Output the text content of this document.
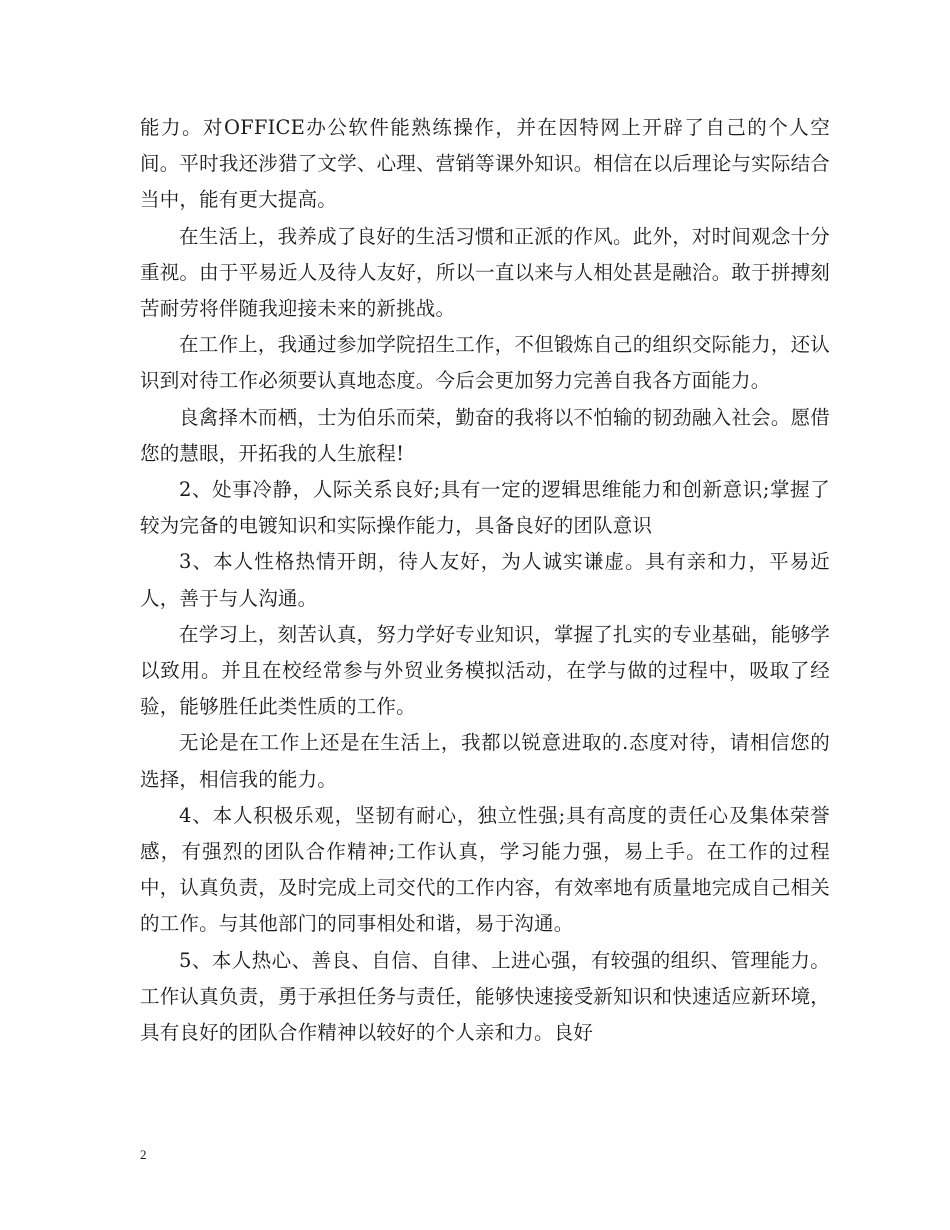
能力。对OFFICE办公软件能熟练操作，并在因特网上开辟了自己的个人空间。平时我还涉猎了文学、心理、营销等课外知识。相信在以后理论与实际结合当中，能有更大提高。

在生活上，我养成了良好的生活习惯和正派的作风。此外，对时间观念十分重视。由于平易近人及待人友好，所以一直以来与人相处甚是融洽。敢于拼搏刻苦耐劳将伴随我迎接未来的新挑战。

在工作上，我通过参加学院招生工作，不但锻炼自己的组织交际能力，还认识到对待工作必须要认真地态度。今后会更加努力完善自我各方面能力。

良禽择木而栖，士为伯乐而荣，勤奋的我将以不怕输的韧劲融入社会。愿借您的慧眼，开拓我的人生旅程!

2、处事冷静，人际关系良好;具有一定的逻辑思维能力和创新意识;掌握了较为完备的电镀知识和实际操作能力，具备良好的团队意识

3、本人性格热情开朗，待人友好，为人诚实谦虚。具有亲和力，平易近人，善于与人沟通。

在学习上，刻苦认真，努力学好专业知识，掌握了扎实的专业基础，能够学以致用。并且在校经常参与外贸业务模拟活动，在学与做的过程中，吸取了经验，能够胜任此类性质的工作。

无论是在工作上还是在生活上，我都以锐意进取的.态度对待，请相信您的选择，相信我的能力。

4、本人积极乐观，坚韧有耐心，独立性强;具有高度的责任心及集体荣誉感，有强烈的团队合作精神;工作认真，学习能力强，易上手。在工作的过程中，认真负责，及时完成上司交代的工作内容，有效率地有质量地完成自己相关的工作。与其他部门的同事相处和谐，易于沟通。

5、本人热心、善良、自信、自律、上进心强，有较强的组织、管理能力。工作认真负责，勇于承担任务与责任，能够快速接受新知识和快速适应新环境，具有良好的团队合作精神以较好的个人亲和力。良好

2
